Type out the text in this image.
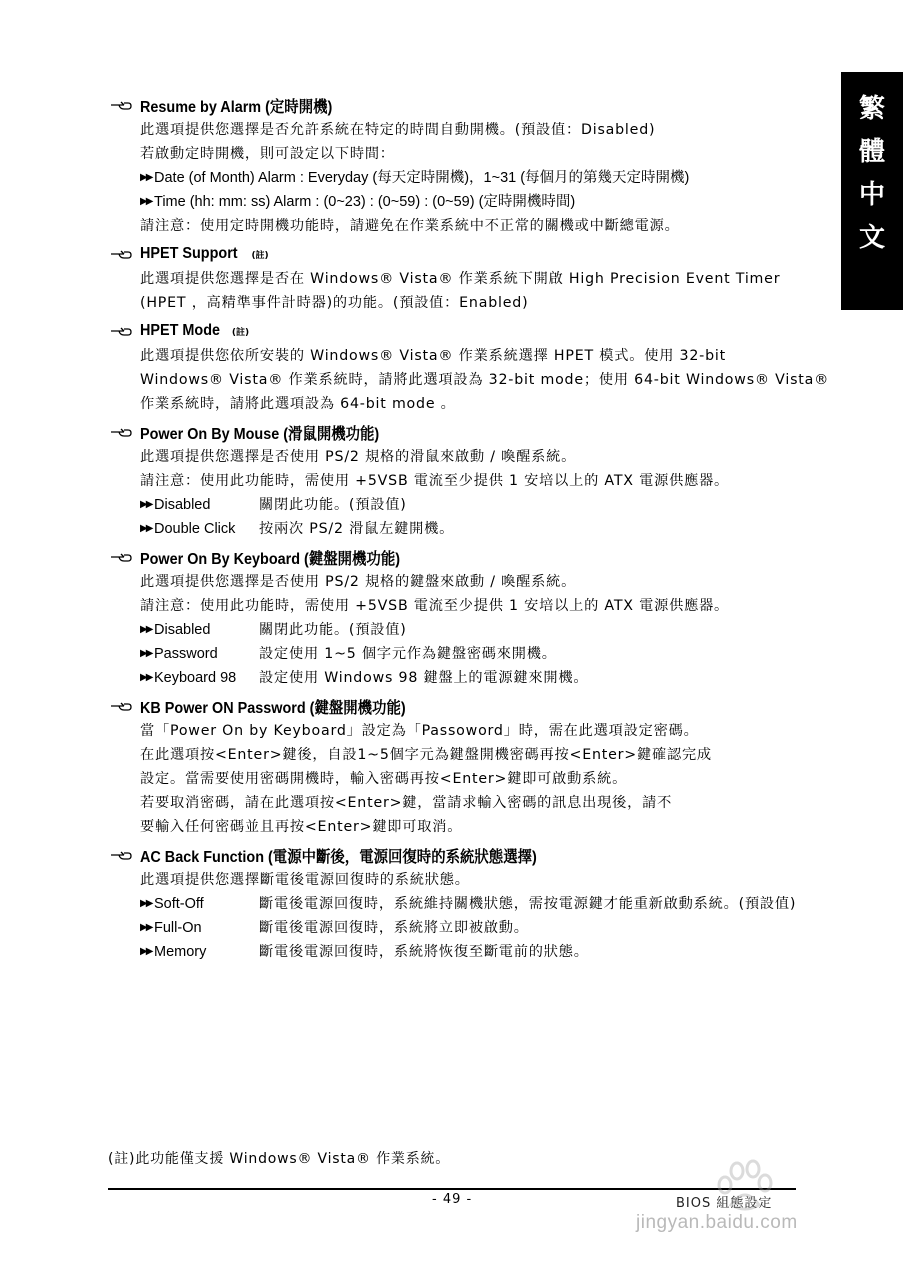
繁
體
中
文
Resume by Alarm (定時開機)
此選項提供您選擇是否允許系統在特定的時間自動開機。(預設值：Disabled)
若啟動定時開機，則可設定以下時間：
▶▶ Date (of Month) Alarm : Everyday (每天定時開機)，1~31 (每個月的第幾天定時開機)
▶▶ Time (hh: mm: ss) Alarm : (0~23) : (0~59) : (0~59) (定時開機時間)
請注意：使用定時開機功能時，請避免在作業系統中不正常的關機或中斷總電源。
HPET Support (註)
此選項提供您選擇是否在 Windows® Vista® 作業系統下開啟 High Precision Event Timer
(HPET ，高精準事件計時器)的功能。(預設值：Enabled)
HPET Mode (註)
此選項提供您依所安裝的 Windows® Vista® 作業系統選擇 HPET 模式。使用 32-bit
Windows® Vista® 作業系統時，請將此選項設為 32-bit mode；使用 64-bit Windows® Vista®
作業系統時，請將此選項設為 64-bit mode 。
Power On By Mouse (滑鼠開機功能)
此選項提供您選擇是否使用 PS/2 規格的滑鼠來啟動 / 喚醒系統。
請注意：使用此功能時，需使用 +5VSB 電流至少提供 1 安培以上的 ATX 電源供應器。
▶▶ Disabled	關閉此功能。(預設值)
▶▶ Double Click	按兩次 PS/2 滑鼠左鍵開機。
Power On By Keyboard (鍵盤開機功能)
此選項提供您選擇是否使用 PS/2 規格的鍵盤來啟動 / 喚醒系統。
請注意：使用此功能時，需使用 +5VSB 電流至少提供 1 安培以上的 ATX 電源供應器。
▶▶ Disabled	關閉此功能。(預設值)
▶▶ Password	設定使用 1~5 個字元作為鍵盤密碼來開機。
▶▶ Keyboard 98	設定使用 Windows 98 鍵盤上的電源鍵來開機。
KB Power ON Password (鍵盤開機功能)
當「Power On by Keyboard」設定為「Passoword」時，需在此選項設定密碼。
在此選項按<Enter>鍵後，自設1~5個字元為鍵盤開機密碼再按<Enter>鍵確認完成
設定。當需要使用密碼開機時，輸入密碼再按<Enter>鍵即可啟動系統。
若要取消密碼，請在此選項按<Enter>鍵，當請求輸入密碼的訊息出現後，請不
要輸入任何密碼並且再按<Enter>鍵即可取消。
AC Back Function (電源中斷後，電源回復時的系統狀態選擇)
此選項提供您選擇斷電後電源回復時的系統狀態。
▶▶ Soft-Off	斷電後電源回復時，系統維持關機狀態，需按電源鍵才能重新啟動系統。(預設值)
▶▶ Full-On	斷電後電源回復時，系統將立即被啟動。
▶▶ Memory	斷電後電源回復時，系統將恢復至斷電前的狀態。
(註)此功能僅支援 Windows® Vista® 作業系統。
- 49 -	BIOS 組態設定
jingyan.baidu.com
